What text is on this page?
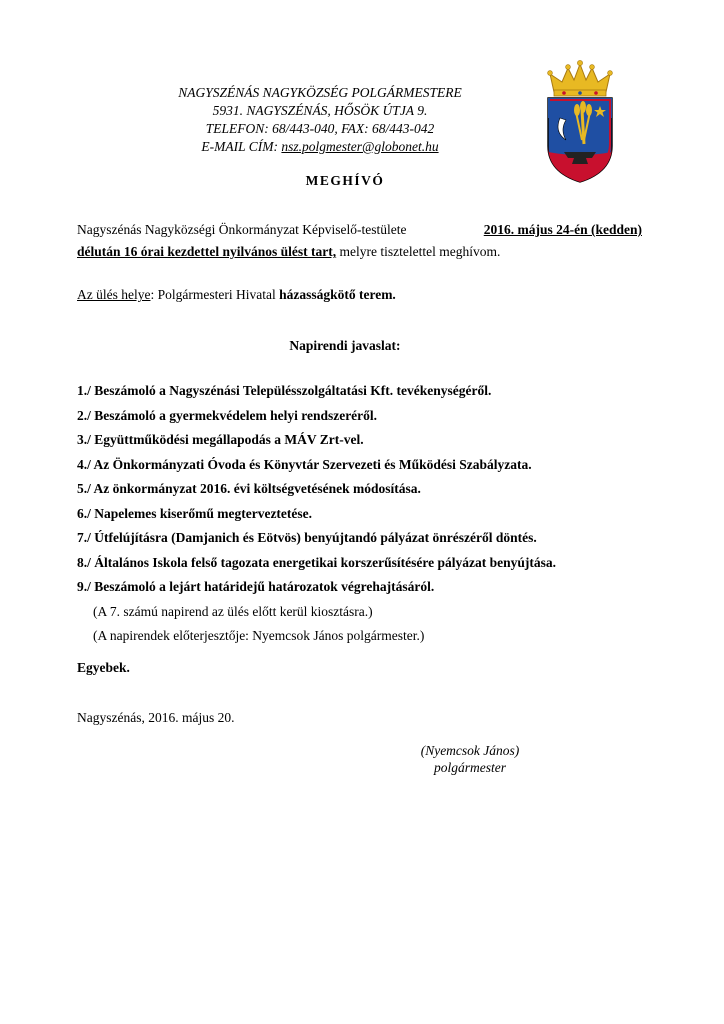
NAGYSZÉNÁS NAGYKÖZSÉG POLGÁRMESTERE
5931. NAGYSZÉNÁS, HŐSÖK ÚTJA 9.
TELEFON: 68/443-040, FAX: 68/443-042
E-MAIL CÍM: nsz.polgmester@globonet.hu
MEGHÍVÓ
Nagyszénás Nagyközségi Önkormányzat Képviselő-testülete	2016. május 24-én (kedden)
délután 16 órai kezdettel nyilvános ülést tart, melyre tisztelettel meghívom.
Az ülés helye: Polgármesteri Hivatal házasságkötő terem.
Napirendi javaslat:
1./ Beszámoló a Nagyszénási Településszolgáltatási Kft. tevékenységéről.
2./ Beszámoló a gyermekvédelem helyi rendszeréről.
3./ Együttműködési megállapodás a MÁV Zrt-vel.
4./ Az Önkormányzati Óvoda és Könyvtár Szervezeti és Működési Szabályzata.
5./ Az önkormányzat 2016. évi költségvetésének módosítása.
6./ Napelemes kiserőmű megterveztetése.
7./ Útfelújításra (Damjanich és Eötvös) benyújtandó pályázat önrészéről döntés.
8./ Általános Iskola felső tagozata energetikai korszerűsítésére pályázat benyújtása.
9./ Beszámoló a lejárt határidejű határozatok végrehajtásáról.
(A 7. számú napirend az ülés előtt kerül kiosztásra.)
(A napirendek előterjesztője: Nyemcsok János polgármester.)
Egyebek.
Nagyszénás, 2016. május 20.
(Nyemcsok János)
polgármester
